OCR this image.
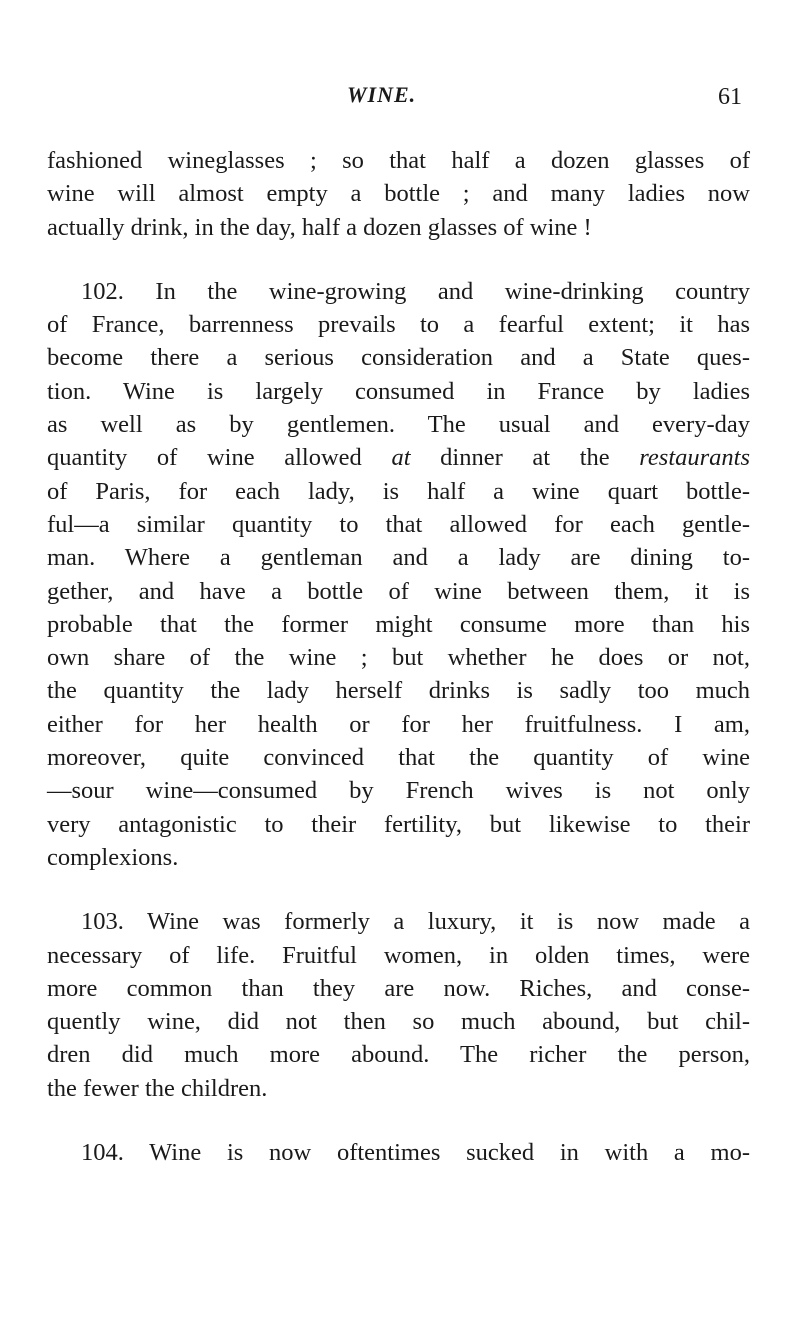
WINE.	61
fashioned wineglasses ; so that half a dozen glasses of
wine will almost empty a bottle ; and many ladies now
actually drink, in the day, half a dozen glasses of wine !
102. In the wine-growing and wine-drinking country
of France, barrenness prevails to a fearful extent; it has
become there a serious consideration and a State ques-
tion. Wine is largely consumed in France by ladies
as well as by gentlemen. The usual and every-day
quantity of wine allowed at dinner at the restaurants
of Paris, for each lady, is half a wine quart bottle-
ful—a similar quantity to that allowed for each gentle-
man. Where a gentleman and a lady are dining to-
gether, and have a bottle of wine between them, it is
probable that the former might consume more than his
own share of the wine ; but whether he does or not,
the quantity the lady herself drinks is sadly too much
either for her health or for her fruitfulness. I am,
moreover, quite convinced that the quantity of wine
—sour wine—consumed by French wives is not only
very antagonistic to their fertility, but likewise to their
complexions.
103. Wine was formerly a luxury, it is now made a
necessary of life. Fruitful women, in olden times, were
more common than they are now. Riches, and conse-
quently wine, did not then so much abound, but chil-
dren did much more abound. The richer the person,
the fewer the children.
104. Wine is now oftentimes sucked in with a mo-
